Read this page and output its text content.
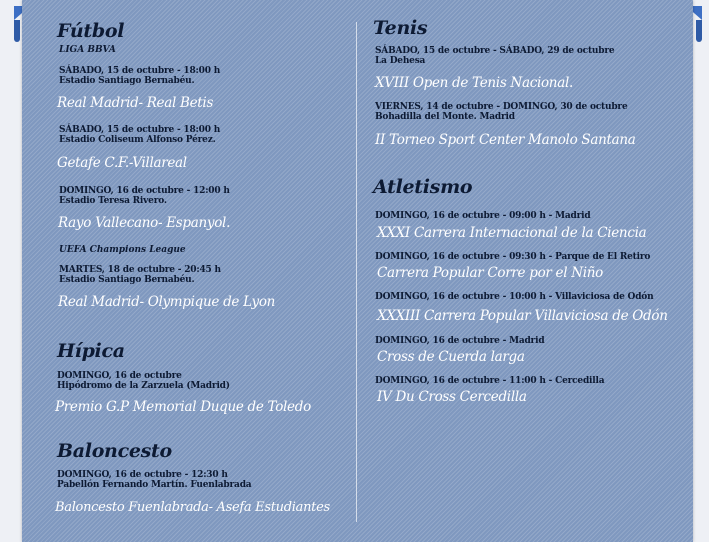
Fútbol

LIGA BBVA

SÁBADO, 15 de octubre - 18:00 h
Estadio Santiago Bernabéu.

Real Madrid- Real Betis

SÁBADO, 15 de octubre - 18:00 h
Estadio Coliseum Alfonso Pérez.

Getafe C.F.-Villareal

DOMINGO, 16 de octubre - 12:00 h
Estadio Teresa Rivero.

Rayo Vallecano- Espanyol.

UEFA Champions League

MARTES, 18 de octubre - 20:45 h
Estadio Santiago Bernabéu.

Real Madrid- Olympique de Lyon

Hípica
DOMINGO, 16 de octubre
Hipódromo de la Zarzuela (Madrid)

Premio G.P Memorial Duque de Toledo

Baloncesto
DOMINGO, 16 de octubre - 12:30 h
Pabellón Fernando Martín. Fuenlabrada

Baloncesto Fuenlabrada- Asefa Estudiantes

Tenis
SÁBADO, 15 de octubre - SÁBADO, 29 de octubre
La Dehesa

XVIII Open de Tenis Nacional.

VIERNES, 14 de octubre - DOMINGO, 30 de octubre
Bohadilla del Monte. Madrid

II Torneo Sport Center Manolo Santana

Atletismo

DOMINGO, 16 de octubre - 09:00 h - Madrid

XXXI Carrera Internacional de la Ciencia

DOMINGO, 16 de octubre - 09:30 h - Parque de El Retiro

Carrera Popular Corre por el Niño

DOMINGO, 16 de octubre - 10:00 h - Villaviciosa de Odón

XXXIII Carrera Popular Villaviciosa de Odón

DOMINGO, 16 de octubre - Madrid

Cross de Cuerda larga

DOMINGO, 16 de octubre - 11:00 h - Cercedilla

IV Du Cross Cercedilla
